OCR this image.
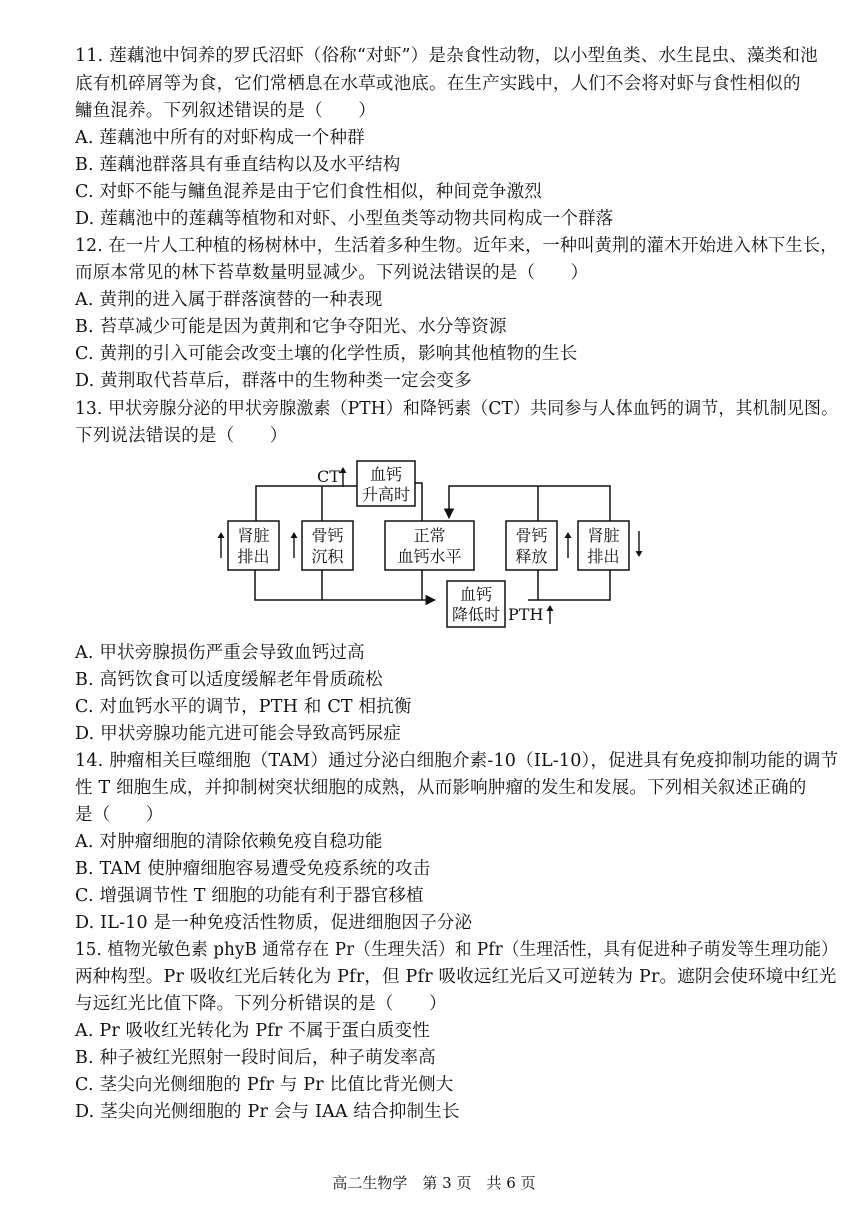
11. 莲藕池中饲养的罗氏沼虾（俗称“对虾”）是杂食性动物，以小型鱼类、水生昆虫、藻类和池
底有机碎屑等为食，它们常栖息在水草或池底。在生产实践中，人们不会将对虾与食性相似的
鳙鱼混养。下列叙述错误的是（　　）
A. 莲藕池中所有的对虾构成一个种群
B. 莲藕池群落具有垂直结构以及水平结构
C. 对虾不能与鳙鱼混养是由于它们食性相似，种间竞争激烈
D. 莲藕池中的莲藕等植物和对虾、小型鱼类等动物共同构成一个群落
12. 在一片人工种植的杨树林中，生活着多种生物。近年来，一种叫黄荆的灌木开始进入林下生长，
而原本常见的林下苔草数量明显减少。下列说法错误的是（　　）
A. 黄荆的进入属于群落演替的一种表现
B. 苔草减少可能是因为黄荆和它争夺阳光、水分等资源
C. 黄荆的引入可能会改变土壤的化学性质，影响其他植物的生长
D. 黄荆取代苔草后，群落中的生物种类一定会变多
13. 甲状旁腺分泌的甲状旁腺激素（PTH）和降钙素（CT）共同参与人体血钙的调节，其机制见图。
下列说法错误的是（　　）
血钙
升高时
CT
肾脏
排出
骨钙
沉积
正常
血钙水平
骨钙
释放
肾脏
排出
血钙
降低时 PTH
A. 甲状旁腺损伤严重会导致血钙过高
B. 高钙饮食可以适度缓解老年骨质疏松
C. 对血钙水平的调节，PTH 和 CT 相抗衡
D. 甲状旁腺功能亢进可能会导致高钙尿症
14. 肿瘤相关巨噬细胞（TAM）通过分泌白细胞介素-10（IL-10），促进具有免疫抑制功能的调节
性 T 细胞生成，并抑制树突状细胞的成熟，从而影响肿瘤的发生和发展。下列相关叙述正确的
是（　　）
A. 对肿瘤细胞的清除依赖免疫自稳功能
B. TAM 使肿瘤细胞容易遭受免疫系统的攻击
C. 增强调节性 T 细胞的功能有利于器官移植
D. IL-10 是一种免疫活性物质，促进细胞因子分泌
15. 植物光敏色素 phyB 通常存在 Pr（生理失活）和 Pfr（生理活性，具有促进种子萌发等生理功能）
两种构型。Pr 吸收红光后转化为 Pfr，但 Pfr 吸收远红光后又可逆转为 Pr。遮阴会使环境中红光
与远红光比值下降。下列分析错误的是（　　）
A. Pr 吸收红光转化为 Pfr 不属于蛋白质变性
B. 种子被红光照射一段时间后，种子萌发率高
C. 茎尖向光侧细胞的 Pfr 与 Pr 比值比背光侧大
D. 茎尖向光侧细胞的 Pr 会与 IAA 结合抑制生长
高二生物学　第 3 页　共 6 页
